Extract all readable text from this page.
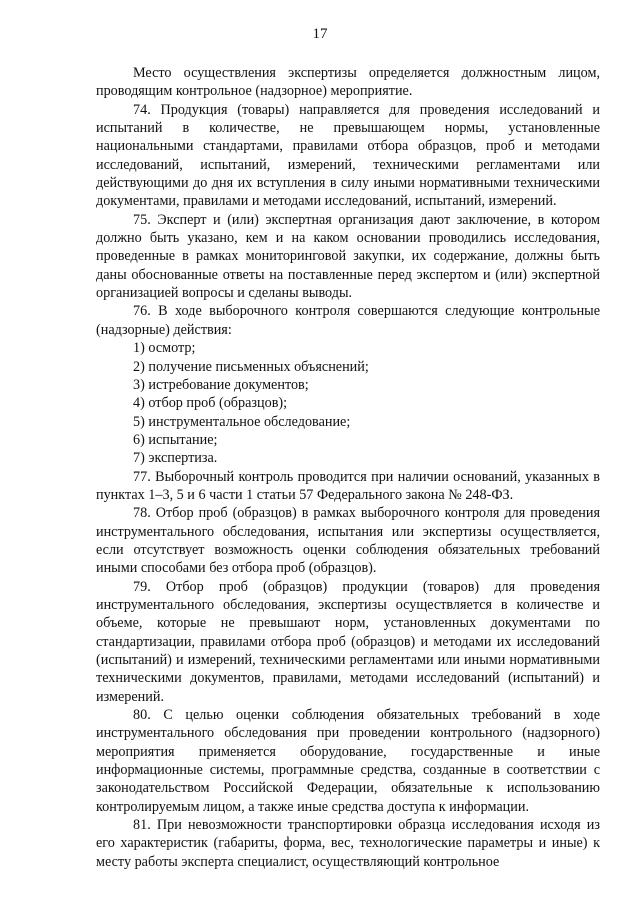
17

Место осуществления экспертизы определяется должностным лицом, проводящим контрольное (надзорное) мероприятие.

74. Продукция (товары) направляется для проведения исследований и испытаний в количестве, не превышающем нормы, установленные национальными стандартами, правилами отбора образцов, проб и методами исследований, испытаний, измерений, техническими регламентами или действующими до дня их вступления в силу иными нормативными техническими документами, правилами и методами исследований, испытаний, измерений.

75. Эксперт и (или) экспертная организация дают заключение, в котором должно быть указано, кем и на каком основании проводились исследования, проведенные в рамках мониторинговой закупки, их содержание, должны быть даны обоснованные ответы на поставленные перед экспертом и (или) экспертной организацией вопросы и сделаны выводы.

76. В ходе выборочного контроля совершаются следующие контрольные (надзорные) действия:

1) осмотр;

2) получение письменных объяснений;

3) истребование документов;

4) отбор проб (образцов);

5) инструментальное обследование;

6) испытание;

7) экспертиза.

77. Выборочный контроль проводится при наличии оснований, указанных в пунктах 1–3, 5 и 6 части 1 статьи 57 Федерального закона № 248-ФЗ.

78. Отбор проб (образцов) в рамках выборочного контроля для проведения инструментального обследования, испытания или экспертизы осуществляется, если отсутствует возможность оценки соблюдения обязательных требований иными способами без отбора проб (образцов).

79. Отбор проб (образцов) продукции (товаров) для проведения инструментального обследования, экспертизы осуществляется в количестве и объеме, которые не превышают норм, установленных документами по стандартизации, правилами отбора проб (образцов) и методами их исследований (испытаний) и измерений, техническими регламентами или иными нормативными техническими документов, правилами, методами исследований (испытаний) и измерений.

80. С целью оценки соблюдения обязательных требований в ходе инструментального обследования при проведении контрольного (надзорного) мероприятия применяется оборудование, государственные и иные информационные системы, программные средства, созданные в соответствии с законодательством Российской Федерации, обязательные к использованию контролируемым лицом, а также иные средства доступа к информации.

81. При невозможности транспортировки образца исследования исходя из его характеристик (габариты, форма, вес, технологические параметры и иные) к месту работы эксперта специалист, осуществляющий контрольное
